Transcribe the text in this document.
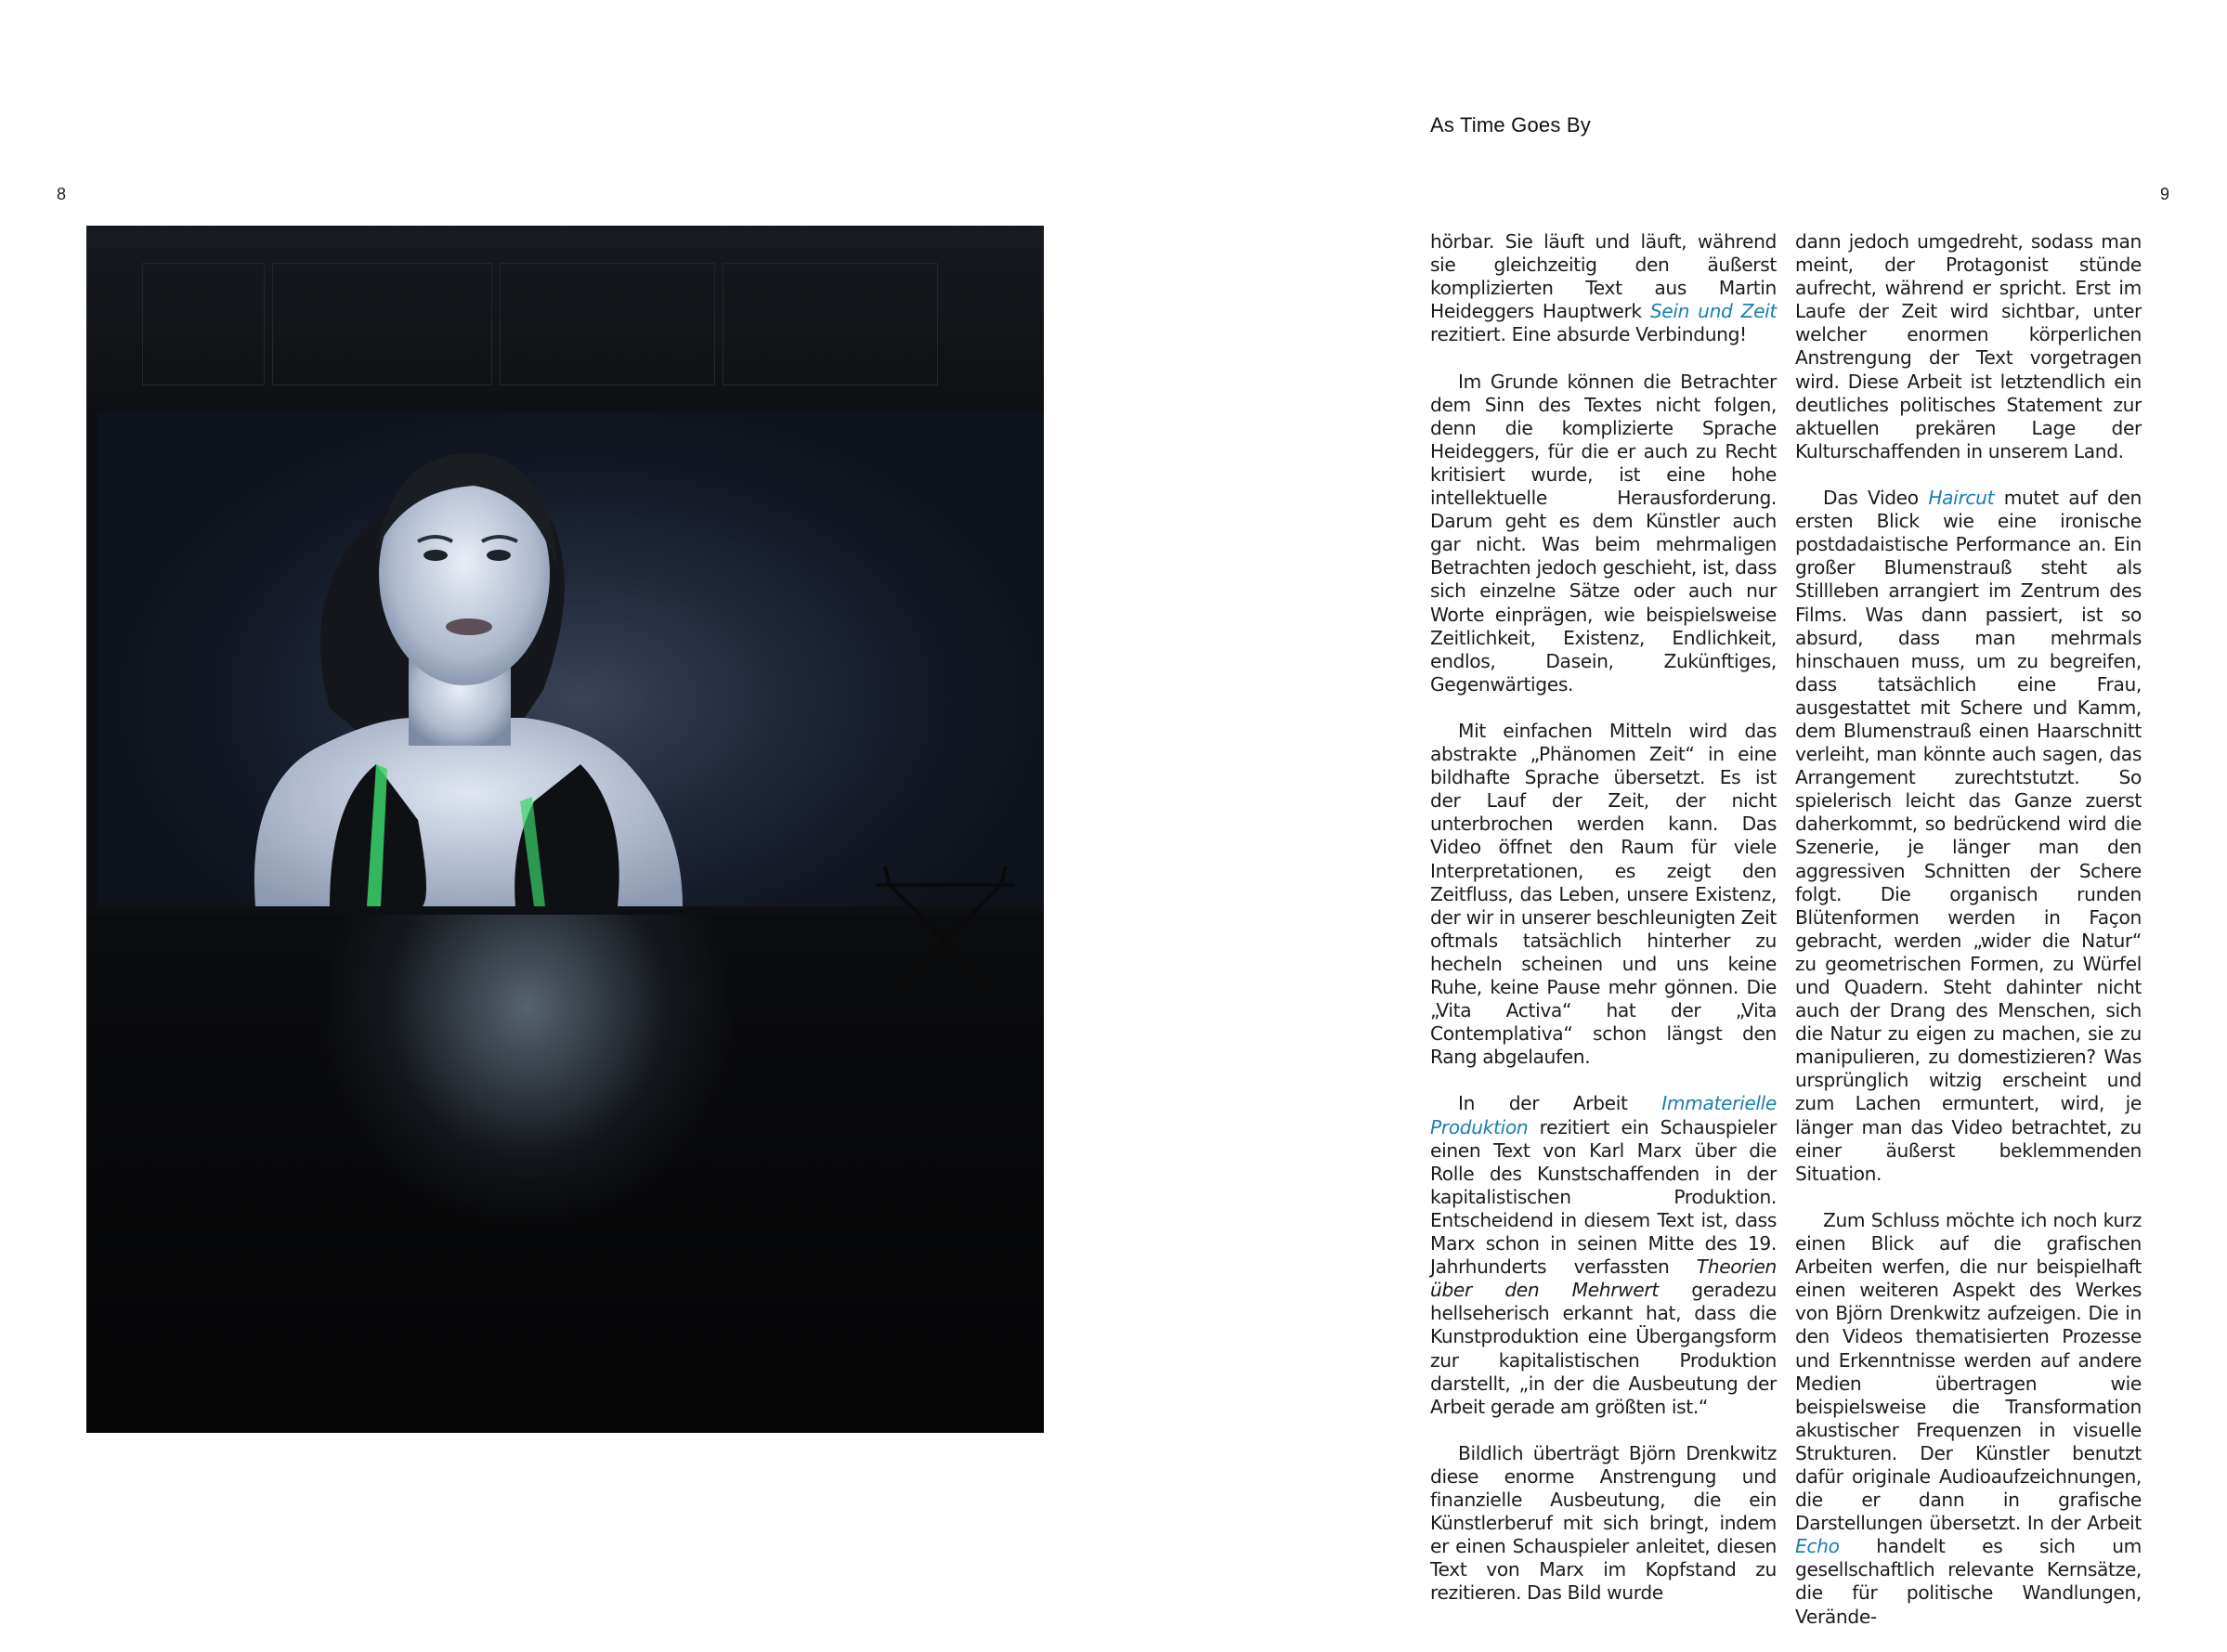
8	9
As Time Goes By

hörbar. Sie läuft und läuft, während sie gleichzeitig den äußerst komplizierten Text aus Martin Heideggers Hauptwerk Sein und Zeit rezitiert. Eine absurde Verbindung!

Im Grunde können die Betrachter dem Sinn des Textes nicht folgen, denn die komplizierte Sprache Heideggers, für die er auch zu Recht kritisiert wurde, ist eine hohe intellektuelle Herausforderung. Darum geht es dem Künstler auch gar nicht. Was beim mehrmaligen Betrachten jedoch geschieht, ist, dass sich einzelne Sätze oder auch nur Worte einprägen, wie beispielsweise Zeitlichkeit, Existenz, Endlichkeit, endlos, Dasein, Zukünftiges, Gegenwärtiges.

Mit einfachen Mitteln wird das abstrakte „Phänomen Zeit“ in eine bildhafte Sprache übersetzt. Es ist der Lauf der Zeit, der nicht unterbrochen werden kann. Das Video öffnet den Raum für viele Interpretationen, es zeigt den Zeitfluss, das Leben, unsere Existenz, der wir in unserer beschleunigten Zeit oftmals tatsächlich hinterher zu hecheln scheinen und uns keine Ruhe, keine Pause mehr gönnen. Die „Vita Activa“ hat der „Vita Contemplativa“ schon längst den Rang abgelaufen.

In der Arbeit Immaterielle Produktion rezitiert ein Schauspieler einen Text von Karl Marx über die Rolle des Kunstschaffenden in der kapitalistischen Produktion. Entscheidend in diesem Text ist, dass Marx schon in seinen Mitte des 19. Jahrhunderts verfassten Theorien über den Mehrwert geradezu hellseherisch erkannt hat, dass die Kunstproduktion eine Übergangsform zur kapitalistischen Produktion darstellt, „in der die Ausbeutung der Arbeit gerade am größten ist.“

Bildlich überträgt Björn Drenkwitz diese enorme Anstrengung und finanzielle Ausbeutung, die ein Künstlerberuf mit sich bringt, indem er einen Schauspieler anleitet, diesen Text von Marx im Kopfstand zu rezitieren. Das Bild wurde

dann jedoch umgedreht, sodass man meint, der Protagonist stünde aufrecht, während er spricht. Erst im Laufe der Zeit wird sichtbar, unter welcher enormen körperlichen Anstrengung der Text vorgetragen wird. Diese Arbeit ist letztendlich ein deutliches politisches Statement zur aktuellen prekären Lage der Kulturschaffenden in unserem Land.

Das Video Haircut mutet auf den ersten Blick wie eine ironische postdadaistische Performance an. Ein großer Blumenstrauß steht als Stillleben arrangiert im Zentrum des Films. Was dann passiert, ist so absurd, dass man mehrmals hinschauen muss, um zu begreifen, dass tatsächlich eine Frau, ausgestattet mit Schere und Kamm, dem Blumenstrauß einen Haarschnitt verleiht, man könnte auch sagen, das Arrangement zurechtstutzt. So spielerisch leicht das Ganze zuerst daherkommt, so bedrückend wird die Szenerie, je länger man den aggressiven Schnitten der Schere folgt. Die organisch runden Blütenformen werden in Façon gebracht, werden „wider die Natur“ zu geometrischen Formen, zu Würfel und Quadern. Steht dahinter nicht auch der Drang des Menschen, sich die Natur zu eigen zu machen, sie zu manipulieren, zu domestizieren? Was ursprünglich witzig erscheint und zum Lachen ermuntert, wird, je länger man das Video betrachtet, zu einer äußerst beklemmenden Situation.

Zum Schluss möchte ich noch kurz einen Blick auf die grafischen Arbeiten werfen, die nur beispielhaft einen weiteren Aspekt des Werkes von Björn Drenkwitz aufzeigen. Die in den Videos thematisierten Prozesse und Erkenntnisse werden auf andere Medien übertragen wie beispielsweise die Transformation akustischer Frequenzen in visuelle Strukturen. Der Künstler benutzt dafür originale Audioaufzeichnungen, die er dann in grafische Darstellungen übersetzt. In der Arbeit Echo handelt es sich um gesellschaftlich relevante Kernsätze, die für politische Wandlungen, Verände-
